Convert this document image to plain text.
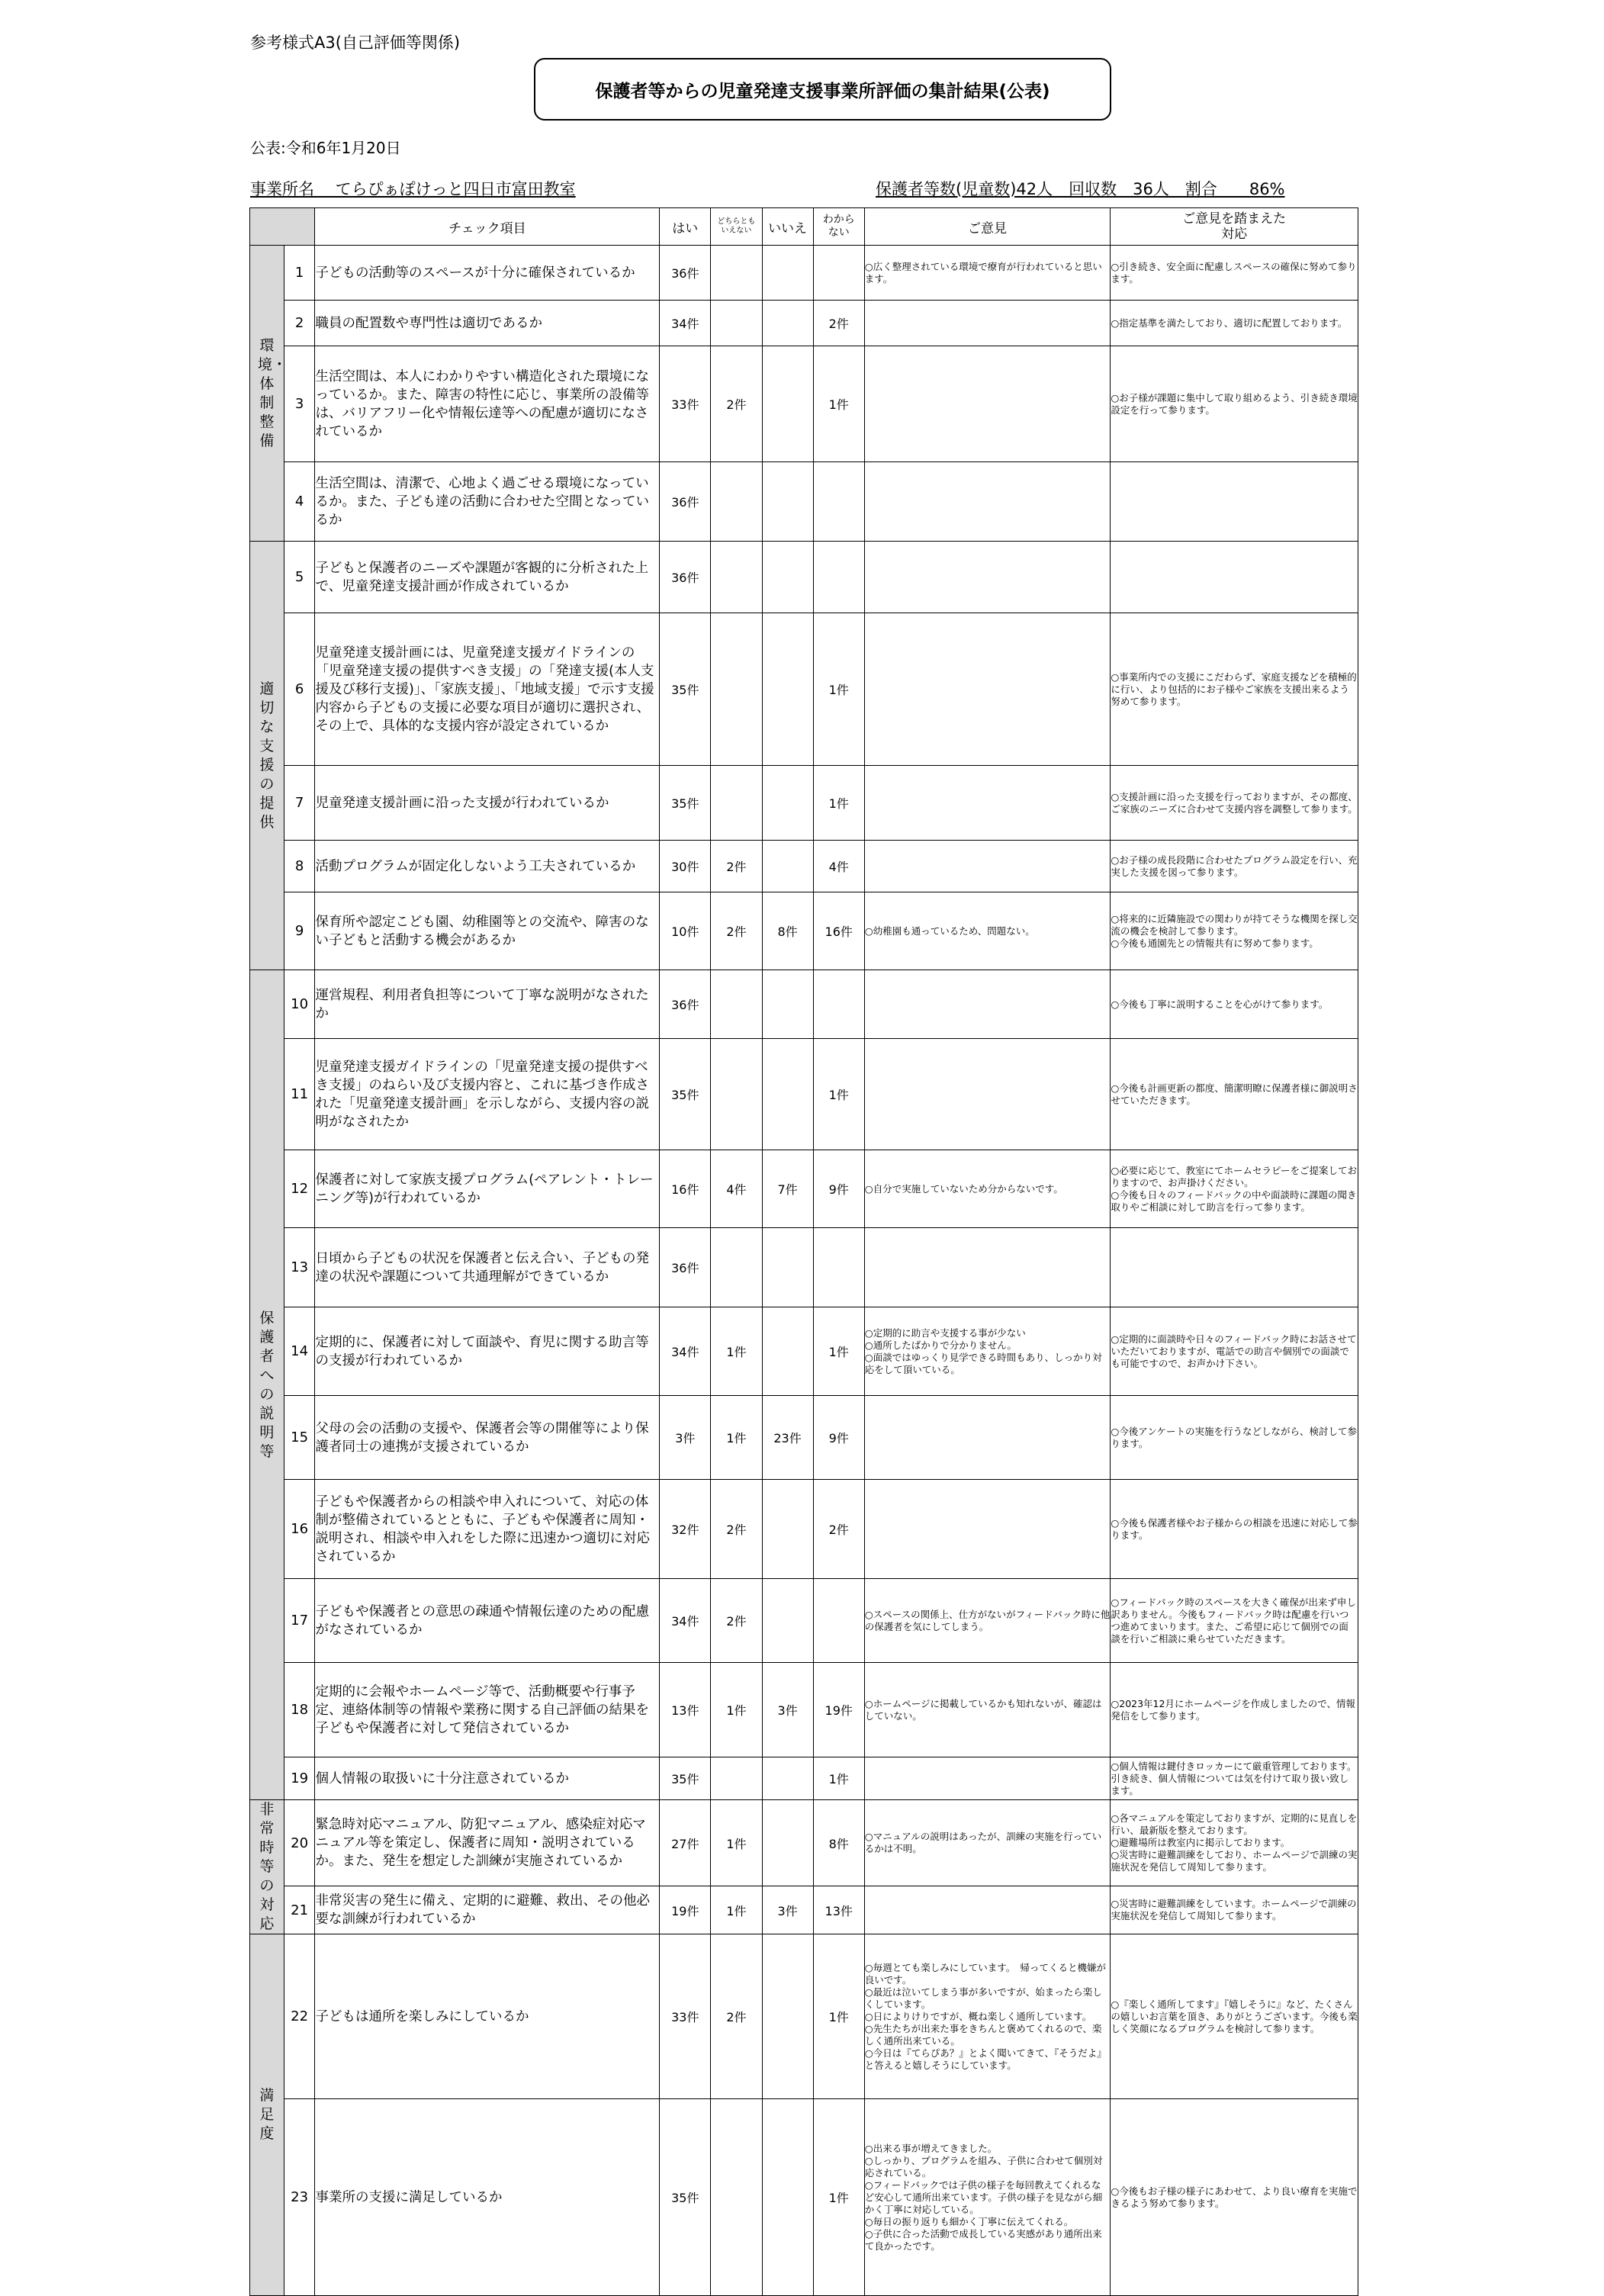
参考様式A3(自己評価等関係)
保護者等からの児童発達支援事業所評価の集計結果(公表)
公表:令和6年1月20日
事業所名　 てらぴぁぽけっと四日市富田教室	保護者等数(児童数)42人　回収数　36人　割合　　86%
		チェック項目	はい	どちらとも
いえない	いいえ	わから
ない	ご意見	ご意見を踏まえた
対応
環境・体制整備	1	子どもの活動等のスペースが十分に確保されているか	36件				○広く整理されている環境で療育が行われていると思います。	○引き続き、安全面に配慮しスペースの確保に努めて参ります。
	2	職員の配置数や専門性は適切であるか	34件			2件		○指定基準を満たしており、適切に配置しております。
	3	生活空間は、本人にわかりやすい構造化された環境になっているか。また、障害の特性に応じ、事業所の設備等は、バリアフリー化や情報伝達等への配慮が適切になされているか	33件	2件		1件		○お子様が課題に集中して取り組めるよう、引き続き環境設定を行って参ります。
	4	生活空間は、清潔で、心地よく過ごせる環境になっているか。また、子ども達の活動に合わせた空間となっているか	36件					
適切な支援の提供	5	子どもと保護者のニーズや課題が客観的に分析された上で、児童発達支援計画が作成されているか	36件					
	6	児童発達支援計画には、児童発達支援ガイドラインの「児童発達支援の提供すべき支援」の「発達支援(本人支援及び移行支援)」、「家族支援」、「地域支援」で示す支援内容から子どもの支援に必要な項目が適切に選択され、その上で、具体的な支援内容が設定されているか	35件			1件		○事業所内での支援にこだわらず、家庭支援などを積極的に行い、より包括的にお子様やご家族を支援出来るよう努めて参ります。
	7	児童発達支援計画に沿った支援が行われているか	35件			1件		○支援計画に沿った支援を行っておりますが、その都度、ご家族のニーズに合わせて支援内容を調整して参ります。
	8	活動プログラムが固定化しないよう工夫されているか	30件	2件		4件		○お子様の成長段階に合わせたプログラム設定を行い、充実した支援を図って参ります。
	9	保育所や認定こども園、幼稚園等との交流や、障害のない子どもと活動する機会があるか	10件	2件	8件	16件	○幼稚園も通っているため、問題ない。	○将来的に近隣施設での関わりが持てそうな機関を探し交流の機会を検討して参ります。
○今後も通園先との情報共有に努めて参ります。
保護者への説明等	10	運営規程、利用者負担等について丁寧な説明がなされたか	36件					○今後も丁寧に説明することを心がけて参ります。
	11	児童発達支援ガイドラインの「児童発達支援の提供すべき支援」のねらい及び支援内容と、これに基づき作成された「児童発達支援計画」を示しながら、支援内容の説明がなされたか	35件			1件		○今後も計画更新の都度、簡潔明瞭に保護者様に御説明させていただきます。
	12	保護者に対して家族支援プログラム(ペアレント・トレーニング等)が行われているか	16件	4件	7件	9件	○自分で実施していないため分からないです。	○必要に応じて、教室にてホームセラピーをご提案しておりますので、お声掛けください。
○今後も日々のフィードバックの中や面談時に課題の聞き取りやご相談に対して助言を行って参ります。
	13	日頃から子どもの状況を保護者と伝え合い、子どもの発達の状況や課題について共通理解ができているか	36件					
	14	定期的に、保護者に対して面談や、育児に関する助言等の支援が行われているか	34件	1件		1件	○定期的に助言や支援する事が少ない
○通所したばかりで分かりません。
○面談ではゆっくり見学できる時間もあり、しっかり対応をして頂いている。	○定期的に面談時や日々のフィードバック時にお話させていただいておりますが、電話での助言や個別での面談でも可能ですので、お声かけ下さい。
	15	父母の会の活動の支援や、保護者会等の開催等により保護者同士の連携が支援されているか	3件	1件	23件	9件		○今後アンケートの実施を行うなどしながら、検討して参ります。
	16	子どもや保護者からの相談や申入れについて、対応の体制が整備されているとともに、子どもや保護者に周知・説明され、相談や申入れをした際に迅速かつ適切に対応されているか	32件	2件		2件		○今後も保護者様やお子様からの相談を迅速に対応して参ります。
	17	子どもや保護者との意思の疎通や情報伝達のための配慮がなされているか	34件	2件			○スペースの関係上、仕方がないがフィードバック時に他の保護者を気にしてしまう。	○フィードバック時のスペースを大きく確保が出来ず申し訳ありません。今後もフィードバック時は配慮を行いつつ進めてまいります。また、ご希望に応じて個別での面談を行いご相談に乗らせていただきます。
	18	定期的に会報やホームページ等で、活動概要や行事予定、連絡体制等の情報や業務に関する自己評価の結果を子どもや保護者に対して発信されているか	13件	1件	3件	19件	○ホームページに掲載しているかも知れないが、確認はしていない。	○2023年12月にホームページを作成しましたので、情報発信をして参ります。
	19	個人情報の取扱いに十分注意されているか	35件			1件		○個人情報は鍵付きロッカーにて厳重管理しております。引き続き、個人情報については気を付けて取り扱い致します。
非常時等の対応	20	緊急時対応マニュアル、防犯マニュアル、感染症対応マニュアル等を策定し、保護者に周知・説明されているか。また、発生を想定した訓練が実施されているか	27件	1件		8件	○マニュアルの説明はあったが、訓練の実施を行っているかは不明。	○各マニュアルを策定しておりますが、定期的に見直しを行い、最新版を整えております。
○避難場所は教室内に掲示しております。
○災害時に避難訓練をしており、ホームページで訓練の実施状況を発信して周知して参ります。
	21	非常災害の発生に備え、定期的に避難、救出、その他必要な訓練が行われているか	19件	1件	3件	13件		○災害時に避難訓練をしています。ホームページで訓練の実施状況を発信して周知して参ります。
満足度	22	子どもは通所を楽しみにしているか	33件	2件		1件	○毎週とても楽しみにしています。　帰ってくると機嫌が良いです。
○最近は泣いてしまう事が多いですが、始まったら楽しくしています。
○日によりけりですが、概ね楽しく通所しています。
○先生たちが出来た事をきちんと褒めてくれるので、楽しく通所出来ている。
○今日は『てらぴあ？』とよく聞いてきて、『そうだよ』と答えると嬉しそうにしています。	○『楽しく通所してます』『嬉しそうに』など、たくさんの嬉しいお言葉を頂き、ありがとうございます。今後も楽しく笑顔になるプログラムを検討して参ります。
	23	事業所の支援に満足しているか	35件			1件	○出来る事が増えてきました。
○しっかり、プログラムを組み、子供に合わせて個別対応されている。
○フィードバックでは子供の様子を毎回教えてくれるなど安心して通所出来ています。子供の様子を見ながら細かく丁寧に対応している。
○毎日の振り返りも細かく丁寧に伝えてくれる。
○子供に合った活動で成長している実感があり通所出来て良かったです。	○今後もお子様の様子にあわせて、より良い療育を実施できるよう努めて参ります。
